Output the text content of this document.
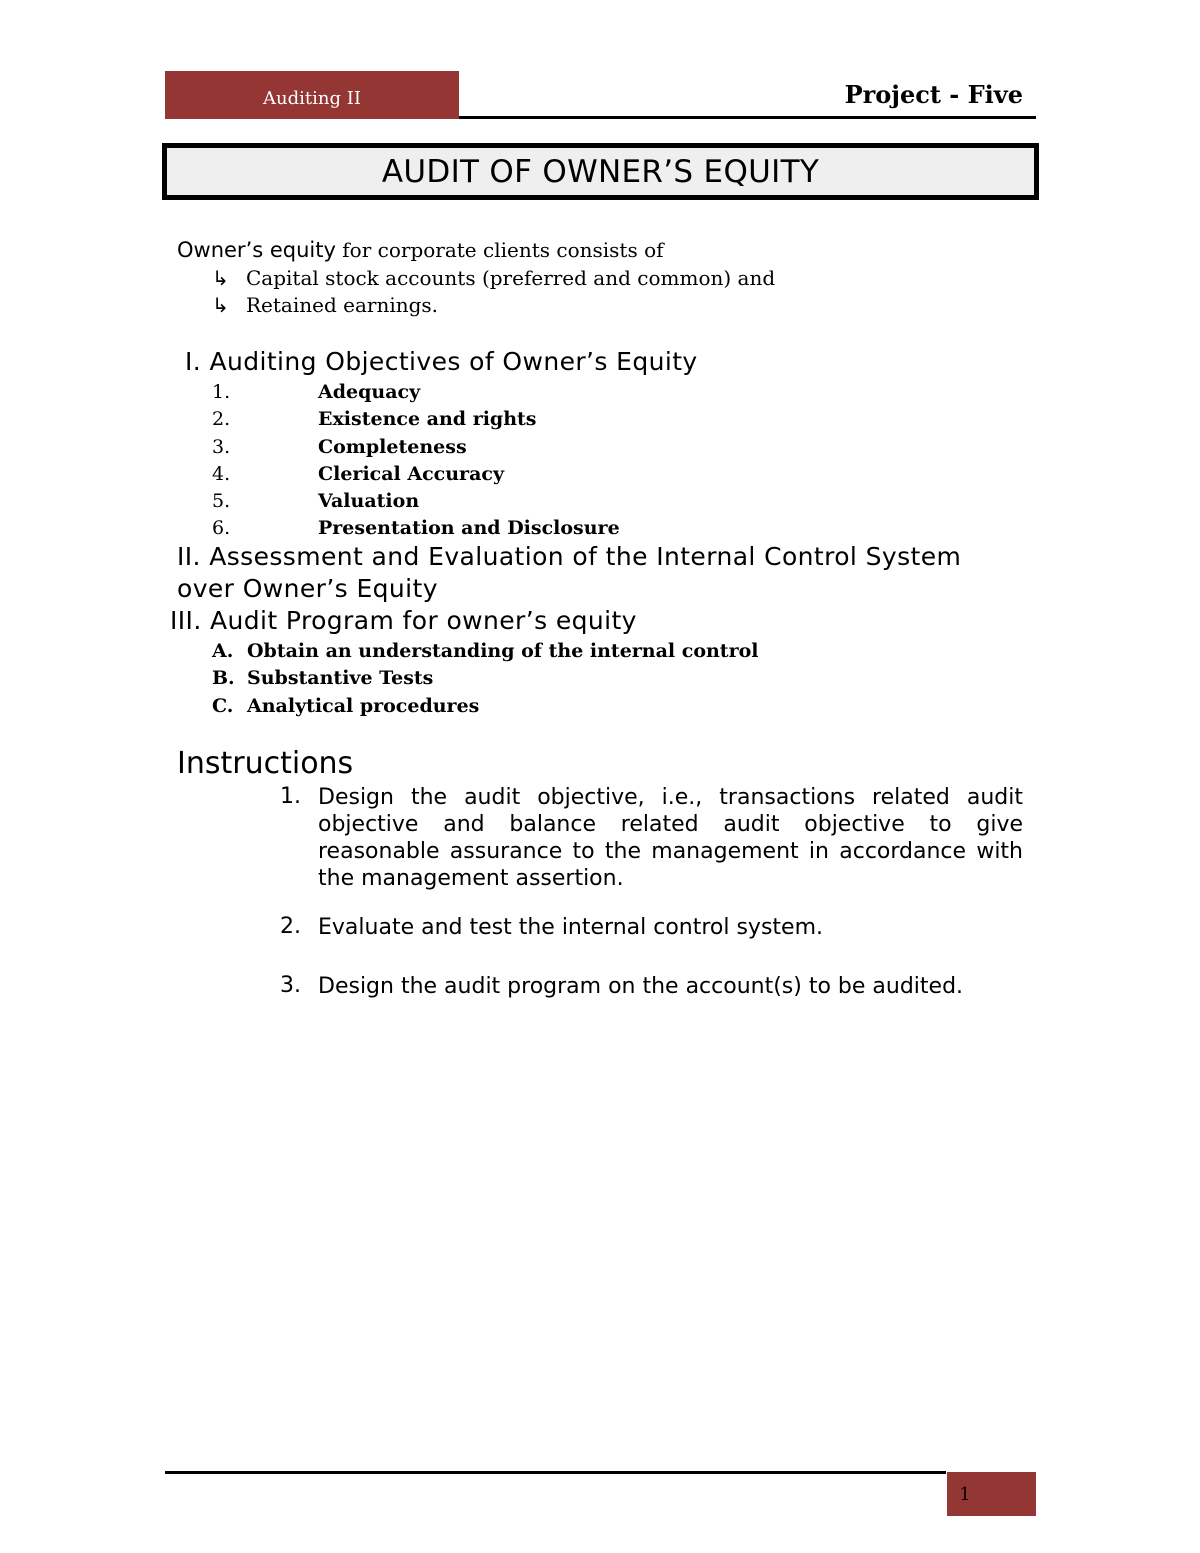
Auditing II	Project - Five
AUDIT OF OWNER’S EQUITY
Owner’s equity for corporate clients consists of
↳ Capital stock accounts (preferred and common) and
↳ Retained earnings.
I. Auditing Objectives of Owner’s Equity
1.	Adequacy
2.	Existence and rights
3.	Completeness
4.	Clerical Accuracy
5.	Valuation
6.	Presentation and Disclosure
II. Assessment and Evaluation of the Internal Control System
over Owner’s Equity
III. Audit Program for owner’s equity
A. Obtain an understanding of the internal control
B. Substantive Tests
C. Analytical procedures
Instructions
1. Design the audit objective, i.e., transactions related audit objective and balance related audit objective to give reasonable assurance to the management in accordance with the management assertion.
2. Evaluate and test the internal control system.
3. Design the audit program on the account(s) to be audited.
1
